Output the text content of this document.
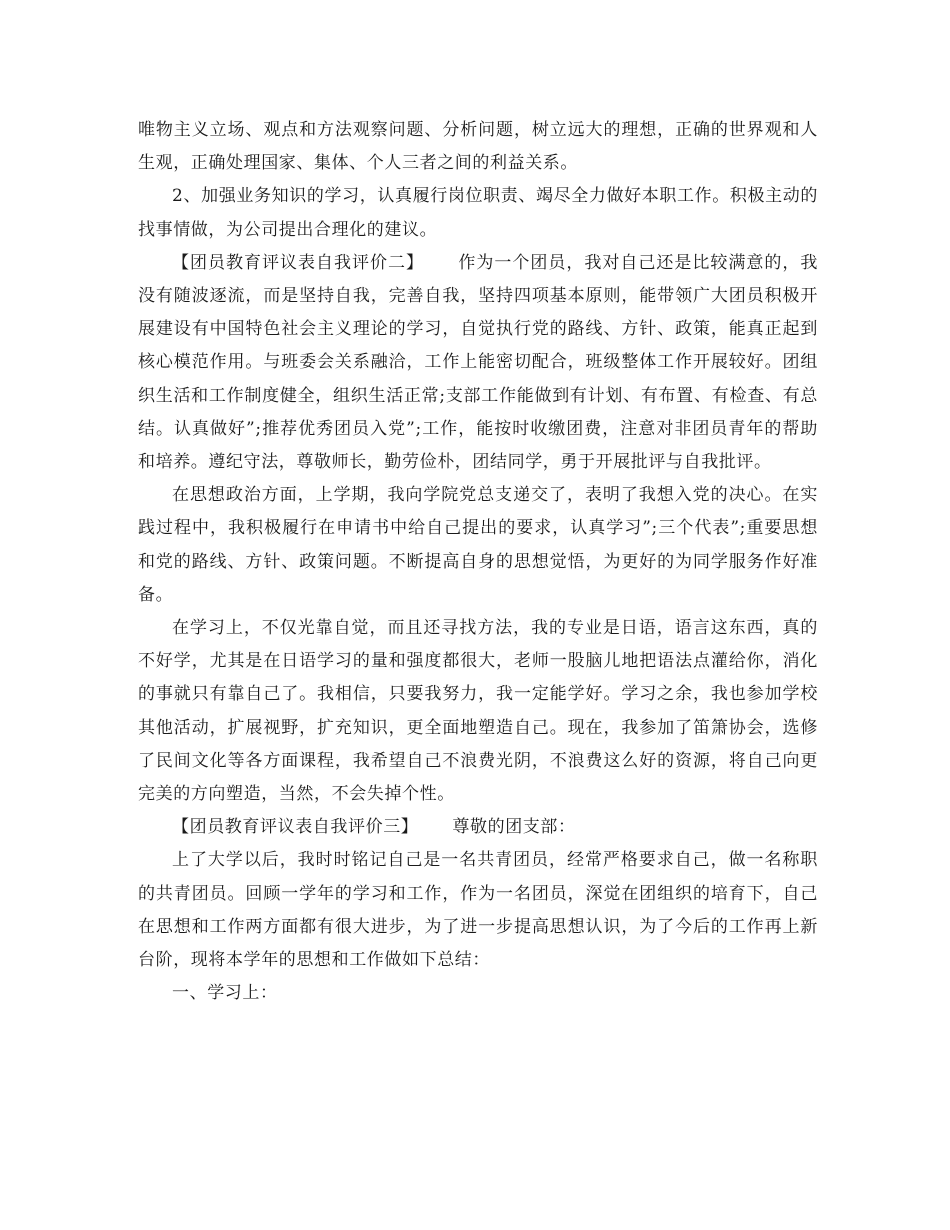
唯物主义立场、观点和方法观察问题、分析问题，树立远大的理想，正确的世界观和人生观，正确处理国家、集体、个人三者之间的利益关系。

2、加强业务知识的学习，认真履行岗位职责、竭尽全力做好本职工作。积极主动的找事情做，为公司提出合理化的建议。

【团员教育评议表自我评价二】 作为一个团员，我对自己还是比较满意的，我没有随波逐流，而是坚持自我，完善自我，坚持四项基本原则，能带领广大团员积极开展建设有中国特色社会主义理论的学习，自觉执行党的路线、方针、政策，能真正起到核心模范作用。与班委会关系融洽，工作上能密切配合，班级整体工作开展较好。团组织生活和工作制度健全，组织生活正常;支部工作能做到有计划、有布置、有检查、有总结。认真做好”;推荐优秀团员入党”;工作，能按时收缴团费，注意对非团员青年的帮助和培养。遵纪守法，尊敬师长，勤劳俭朴，团结同学，勇于开展批评与自我批评。

在思想政治方面，上学期，我向学院党总支递交了，表明了我想入党的决心。在实践过程中，我积极履行在申请书中给自己提出的要求，认真学习”;三个代表”;重要思想和党的路线、方针、政策问题。不断提高自身的思想觉悟，为更好的为同学服务作好准备。

在学习上，不仅光靠自觉，而且还寻找方法，我的专业是日语，语言这东西，真的不好学，尤其是在日语学习的量和强度都很大，老师一股脑儿地把语法点灌给你，消化的事就只有靠自己了。我相信，只要我努力，我一定能学好。学习之余，我也参加学校其他活动，扩展视野，扩充知识，更全面地塑造自己。现在，我参加了笛箫协会，选修了民间文化等各方面课程，我希望自己不浪费光阴，不浪费这么好的资源，将自己向更完美的方向塑造，当然，不会失掉个性。

【团员教育评议表自我评价三】 尊敬的团支部：

上了大学以后，我时时铭记自己是一名共青团员，经常严格要求自己，做一名称职的共青团员。回顾一学年的学习和工作，作为一名团员，深觉在团组织的培育下，自己在思想和工作两方面都有很大进步，为了进一步提高思想认识，为了今后的工作再上新台阶，现将本学年的思想和工作做如下总结：

一、学习上：
